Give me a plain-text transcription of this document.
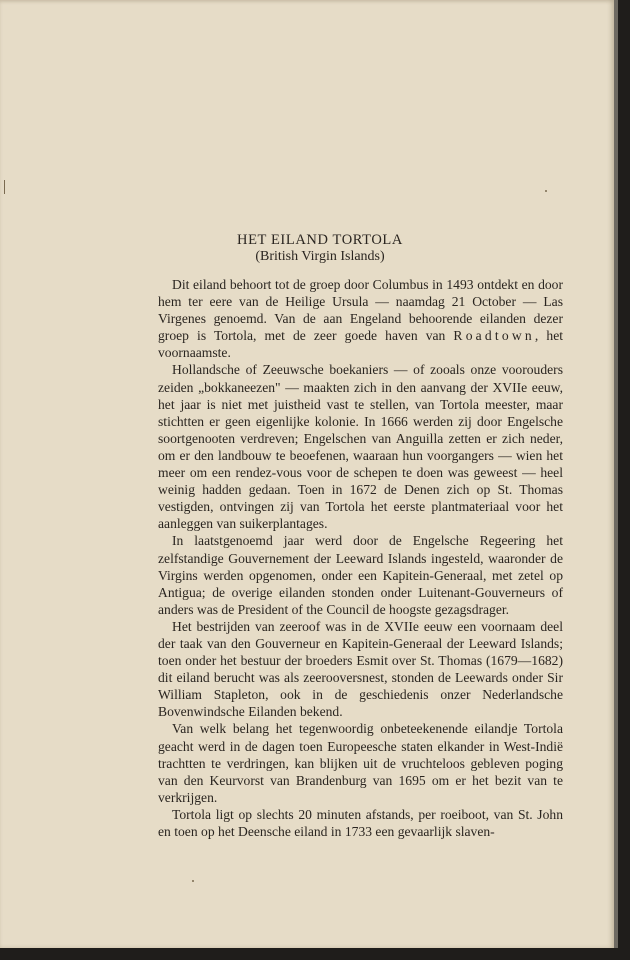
HET EILAND TORTOLA
(British Virgin Islands)

Dit eiland behoort tot de groep door Columbus in 1493 ontdekt en door hem ter eere van de Heilige Ursula — naamdag 21 October — Las Virgenes genoemd. Van de aan Engeland behoorende eilanden dezer groep is Tortola, met de zeer goede haven van Roadtown, het voornaamste.

Hollandsche of Zeeuwsche boekaniers — of zooals onze voorouders zeiden „bokkaneezen" — maakten zich in den aanvang der XVIIe eeuw, het jaar is niet met juistheid vast te stellen, van Tortola meester, maar stichtten er geen eigenlijke kolonie. In 1666 werden zij door Engelsche soortgenooten verdreven; Engelschen van Anguilla zetten er zich neder, om er den landbouw te beoefenen, waaraan hun voorgangers — wien het meer om een rendez-vous voor de schepen te doen was geweest — heel weinig hadden gedaan. Toen in 1672 de Denen zich op St. Thomas vestigden, ontvingen zij van Tortola het eerste plantmateriaal voor het aanleggen van suikerplantages.

In laatstgenoemd jaar werd door de Engelsche Regeering het zelfstandige Gouvernement der Leeward Islands ingesteld, waaronder de Virgins werden opgenomen, onder een Kapitein-Generaal, met zetel op Antigua; de overige eilanden stonden onder Luitenant-Gouverneurs of anders was de President of the Council de hoogste gezagsdrager.

Het bestrijden van zeeroof was in de XVIIe eeuw een voornaam deel der taak van den Gouverneur en Kapitein-Generaal der Leeward Islands; toen onder het bestuur der broeders Esmit over St. Thomas (1679—1682) dit eiland berucht was als zeerooversnest, stonden de Leewards onder Sir William Stapleton, ook in de geschiedenis onzer Nederlandsche Bovenwindsche Eilanden bekend.

Van welk belang het tegenwoordig onbeteekenende eilandje Tortola geacht werd in de dagen toen Europeesche staten elkander in West-Indië trachtten te verdringen, kan blijken uit de vruchteloos gebleven poging van den Keurvorst van Brandenburg van 1695 om er het bezit van te verkrijgen.

Tortola ligt op slechts 20 minuten afstands, per roeiboot, van St. John en toen op het Deensche eiland in 1733 een gevaarlijk slaven-
